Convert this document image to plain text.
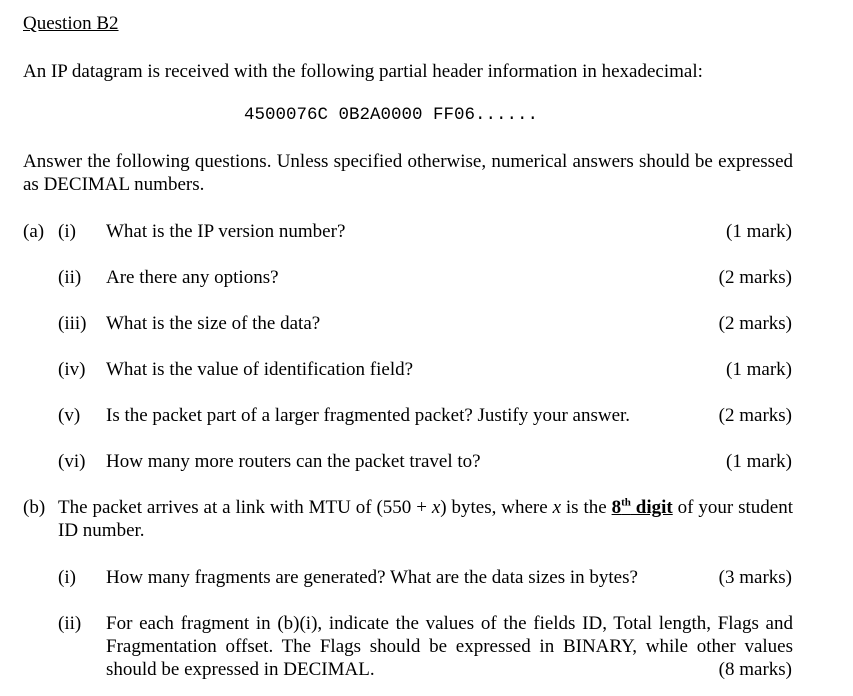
Question B2
An IP datagram is received with the following partial header information in hexadecimal:
4500076C 0B2A0000 FF06......
Answer the following questions. Unless specified otherwise, numerical answers should be expressed as DECIMAL numbers.
(a) (i) What is the IP version number?	(1 mark)
(ii) Are there any options?	(2 marks)
(iii) What is the size of the data?	(2 marks)
(iv) What is the value of identification field?	(1 mark)
(v) Is the packet part of a larger fragmented packet? Justify your answer.	(2 marks)
(vi) How many more routers can the packet travel to?	(1 mark)
(b) The packet arrives at a link with MTU of (550 + x) bytes, where x is the 8th digit of your student ID number.
(i) How many fragments are generated? What are the data sizes in bytes?	(3 marks)
(ii) For each fragment in (b)(i), indicate the values of the fields ID, Total length, Flags and Fragmentation offset. The Flags should be expressed in BINARY, while other values should be expressed in DECIMAL.	(8 marks)
